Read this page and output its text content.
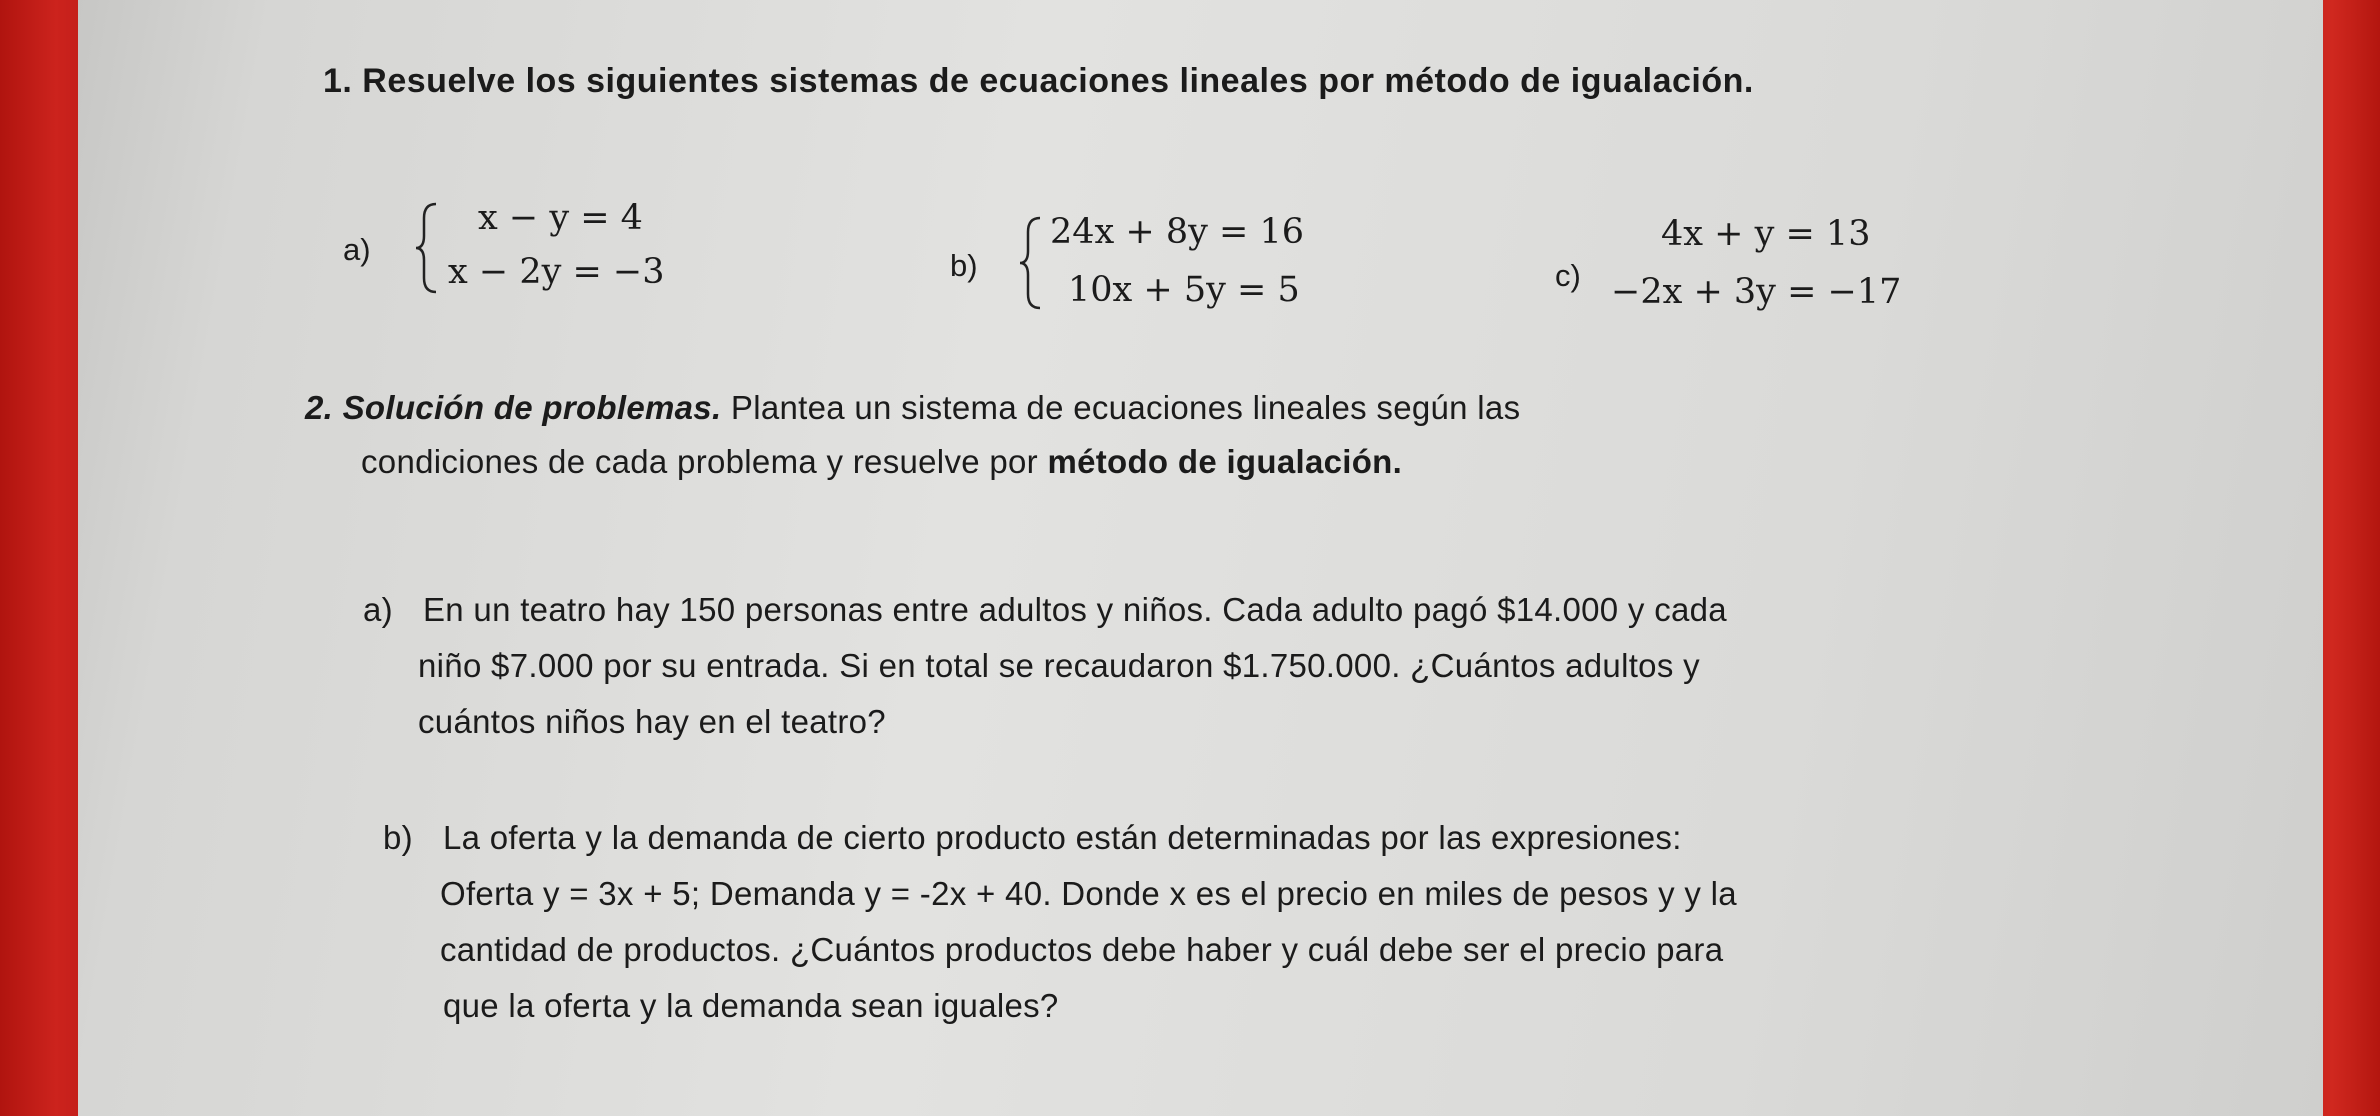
1. Resuelve los siguientes sistemas de ecuaciones lineales por método de igualación.
a)
x − y = 4
x − 2y = −3	b)
24x + 8y = 16
10x + 5y = 5	c)
4x + y = 13
−2x + 3y = −17
2. Solución de problemas. Plantea un sistema de ecuaciones lineales según las
condiciones de cada problema y resuelve por método de igualación.
a) En un teatro hay 150 personas entre adultos y niños. Cada adulto pagó $14.000 y cada
niño $7.000 por su entrada. Si en total se recaudaron $1.750.000. ¿Cuántos adultos y
cuántos niños hay en el teatro?
b) La oferta y la demanda de cierto producto están determinadas por las expresiones:
Oferta y = 3x + 5; Demanda y = -2x + 40. Donde x es el precio en miles de pesos y y la
cantidad de productos. ¿Cuántos productos debe haber y cuál debe ser el precio para
que la oferta y la demanda sean iguales?
